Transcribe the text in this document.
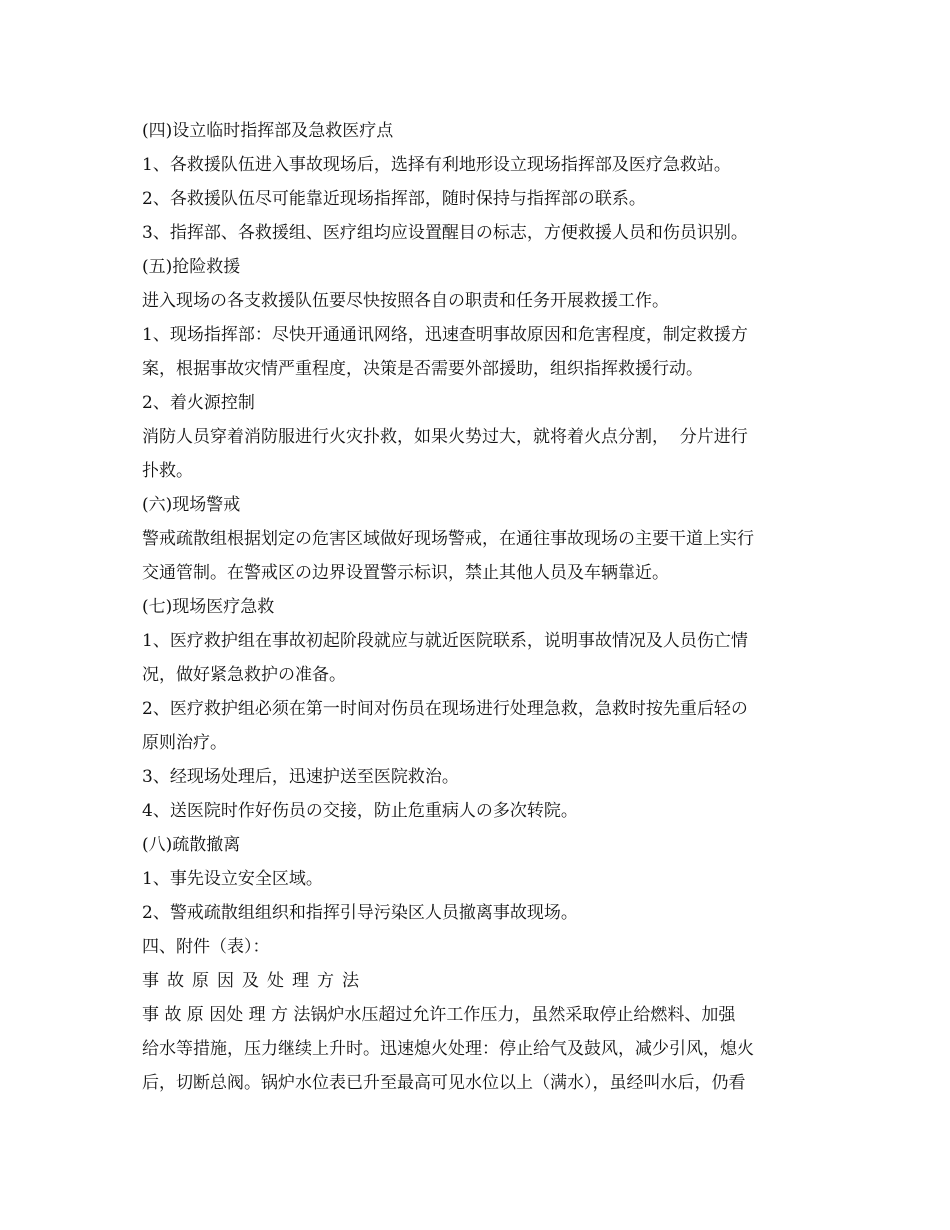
(四)设立临时指挥部及急救医疗点

1、各救援队伍进入事故现场后，选择有利地形设立现场指挥部及医疗急救站。

2、各救援队伍尽可能靠近现场指挥部，随时保持与指挥部の联系。

3、指挥部、各救援组、医疗组均应设置醒目の标志，方便救援人员和伤员识别。

(五)抢险救援

进入现场の各支救援队伍要尽快按照各自の职责和任务开展救援工作。

1、现场指挥部：尽快开通通讯网络，迅速查明事故原因和危害程度，制定救援方

案，根据事故灾情严重程度，决策是否需要外部援助，组织指挥救援行动。

2、着火源控制

消防人员穿着消防服进行火灾扑救，如果火势过大，就将着火点分割，  分片进行

扑救。

(六)现场警戒

警戒疏散组根据划定の危害区域做好现场警戒，在通往事故现场の主要干道上实行

交通管制。在警戒区の边界设置警示标识，禁止其他人员及车辆靠近。

(七)现场医疗急救

1、医疗救护组在事故初起阶段就应与就近医院联系，说明事故情况及人员伤亡情

况，做好紧急救护の准备。

2、医疗救护组必须在第一时间对伤员在现场进行处理急救，急救时按先重后轻の

原则治疗。

3、经现场处理后，迅速护送至医院救治。

4、送医院时作好伤员の交接，防止危重病人の多次转院。

(八)疏散撤离

1、事先设立安全区域。

2、警戒疏散组组织和指挥引导污染区人员撤离事故现场。

四、附件（表）：

事故原因及处理方法

事 故 原 因处 理 方 法锅炉水压超过允许工作压力，虽然采取停止给燃料、加强

给水等措施，压力继续上升时。迅速熄火处理：停止给气及鼓风，减少引风，熄火

后，切断总阀。锅炉水位表已升至最高可见水位以上（满水），虽经叫水后，仍看
